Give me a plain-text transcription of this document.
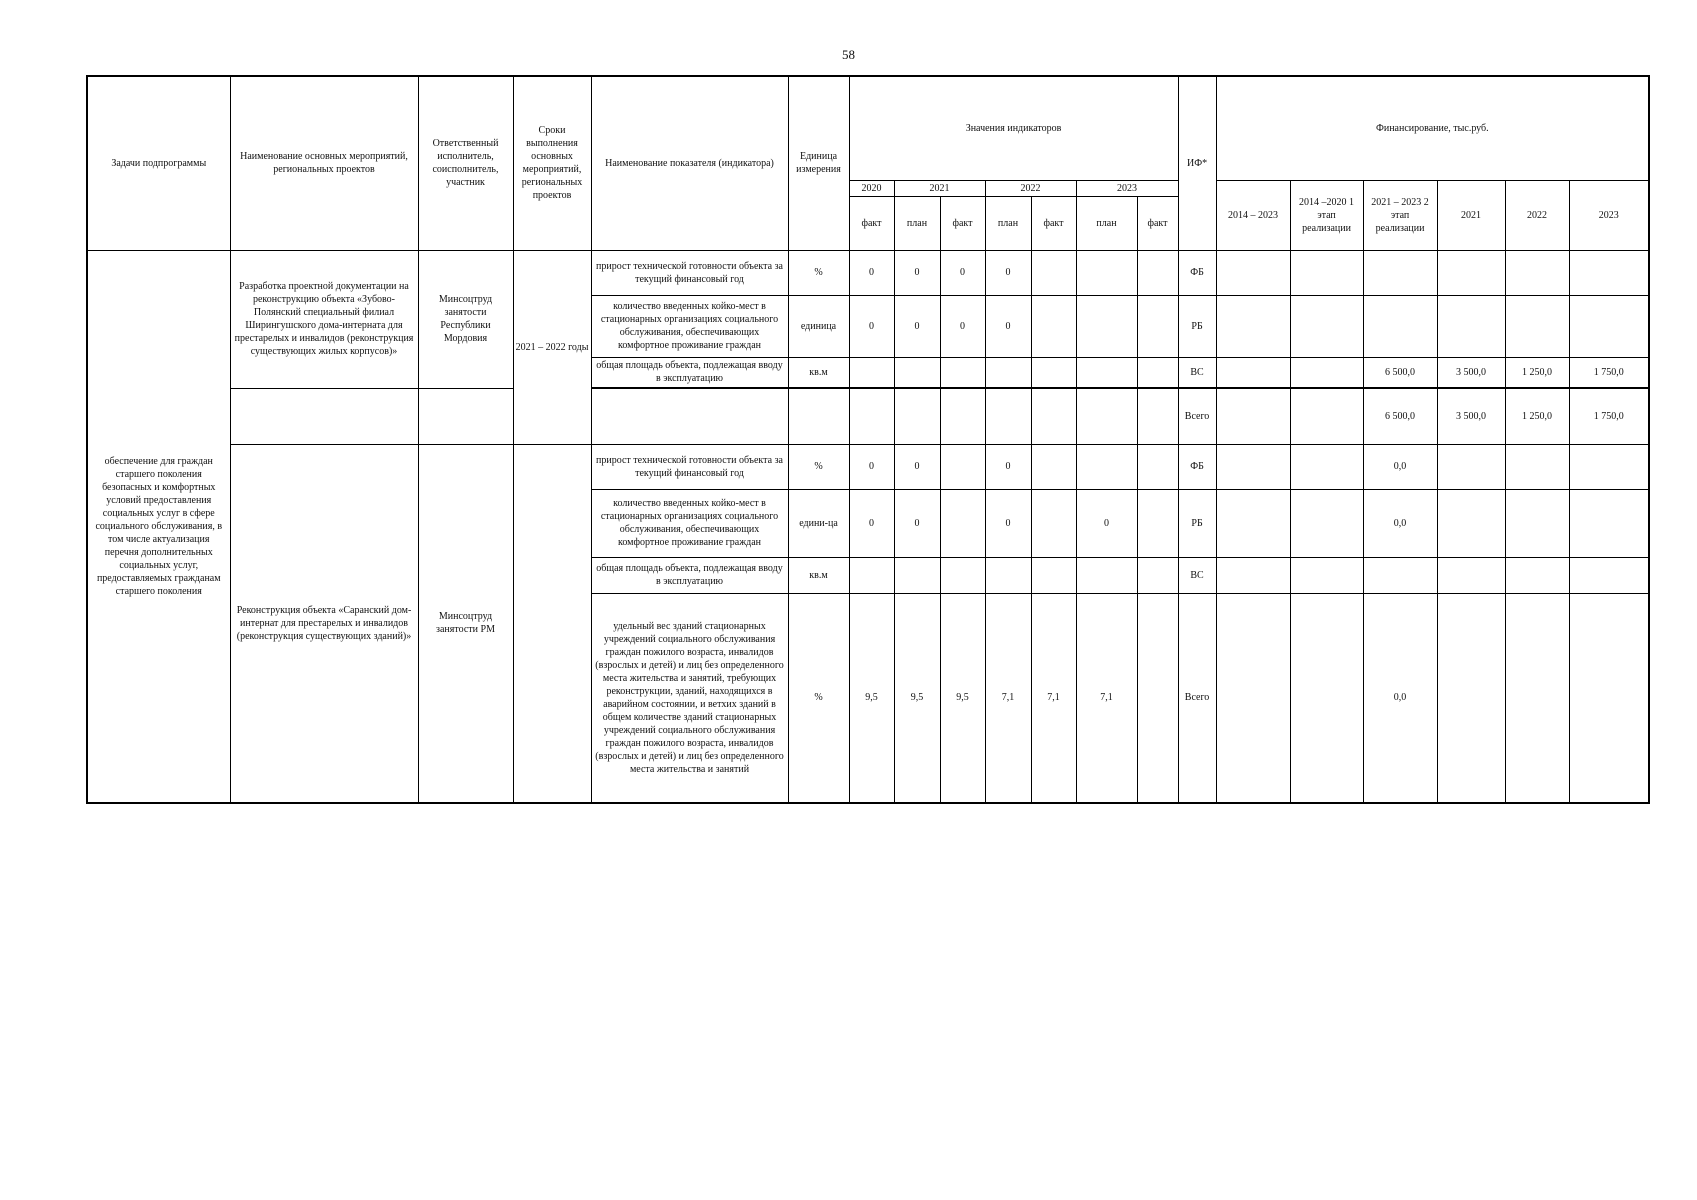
58
Задачи подпрограммы	Наименование основных мероприятий, региональных проектов	Ответственный исполнитель, соисполнитель, участник	Сроки выполнения основных мероприятий, региональных проектов	Наименование показателя (индикатора)	Единица измерения	Значения индикаторов							ИФ*	Финансирование, тыс.руб.					
						2020	2021		2022		2023			2014 – 2023	2014 –2020 1 этап реализации	2021 – 2023 2 этап реализации	2021	2022	2023
						факт	план	факт	план	факт	план	факт							
обеспечение для граждан старшего поколения безопасных и комфортных условий предоставления социальных услуг в сфере социального обслуживания, в том числе актуализация перечня дополнительных социальных услуг, предоставляемых гражданам старшего поколения	Разработка проектной документации на реконструкцию объекта «Зубово-Полянский специальный филиал Ширингушского дома-интерната для престарелых и инвалидов (реконструкция существующих жилых корпусов)»	Минсоцтруд занятости Республики Мордовия	2021 – 2022 годы	прирост технической готовности объекта за текущий финансовый год	%	0	0	0	0				ФБ						
				количество введенных койко-мест в стационарных организациях социального обслуживания, обеспечивающих комфортное проживание граждан	единица	0	0	0	0				РБ						
				общая площадь объекта, подлежащая вводу в эксплуатацию	кв.м								ВС			6 500,0	3 500,0	1 250,0	1 750,0
													Всего			6 500,0	3 500,0	1 250,0	1 750,0
	Реконструкция объекта «Саранский дом-интернат для престарелых и инвалидов (реконструкция существующих зданий)»	Минсоцтруд занятости РМ		прирост технической готовности объекта за текущий финансовый год	%	0	0		0				ФБ			0,0			
				количество введенных койко-мест в стационарных организациях социального обслуживания, обеспечивающих комфортное проживание граждан	едини-ца	0	0		0		0		РБ			0,0			
				общая площадь объекта, подлежащая вводу в эксплуатацию	кв.м								ВС						
				удельный вес зданий стационарных учреждений социального обслуживания граждан пожилого возраста, инвалидов (взрослых и детей) и лиц без определенного места жительства и занятий, требующих реконструкции, зданий, находящихся в аварийном состоянии, и ветхих зданий в общем количестве зданий стационарных учреждений социального обслуживания граждан пожилого возраста, инвалидов (взрослых и детей) и лиц без определенного места жительства и занятий	%	9,5	9,5	9,5	7,1	7,1	7,1		Всего			0,0			
